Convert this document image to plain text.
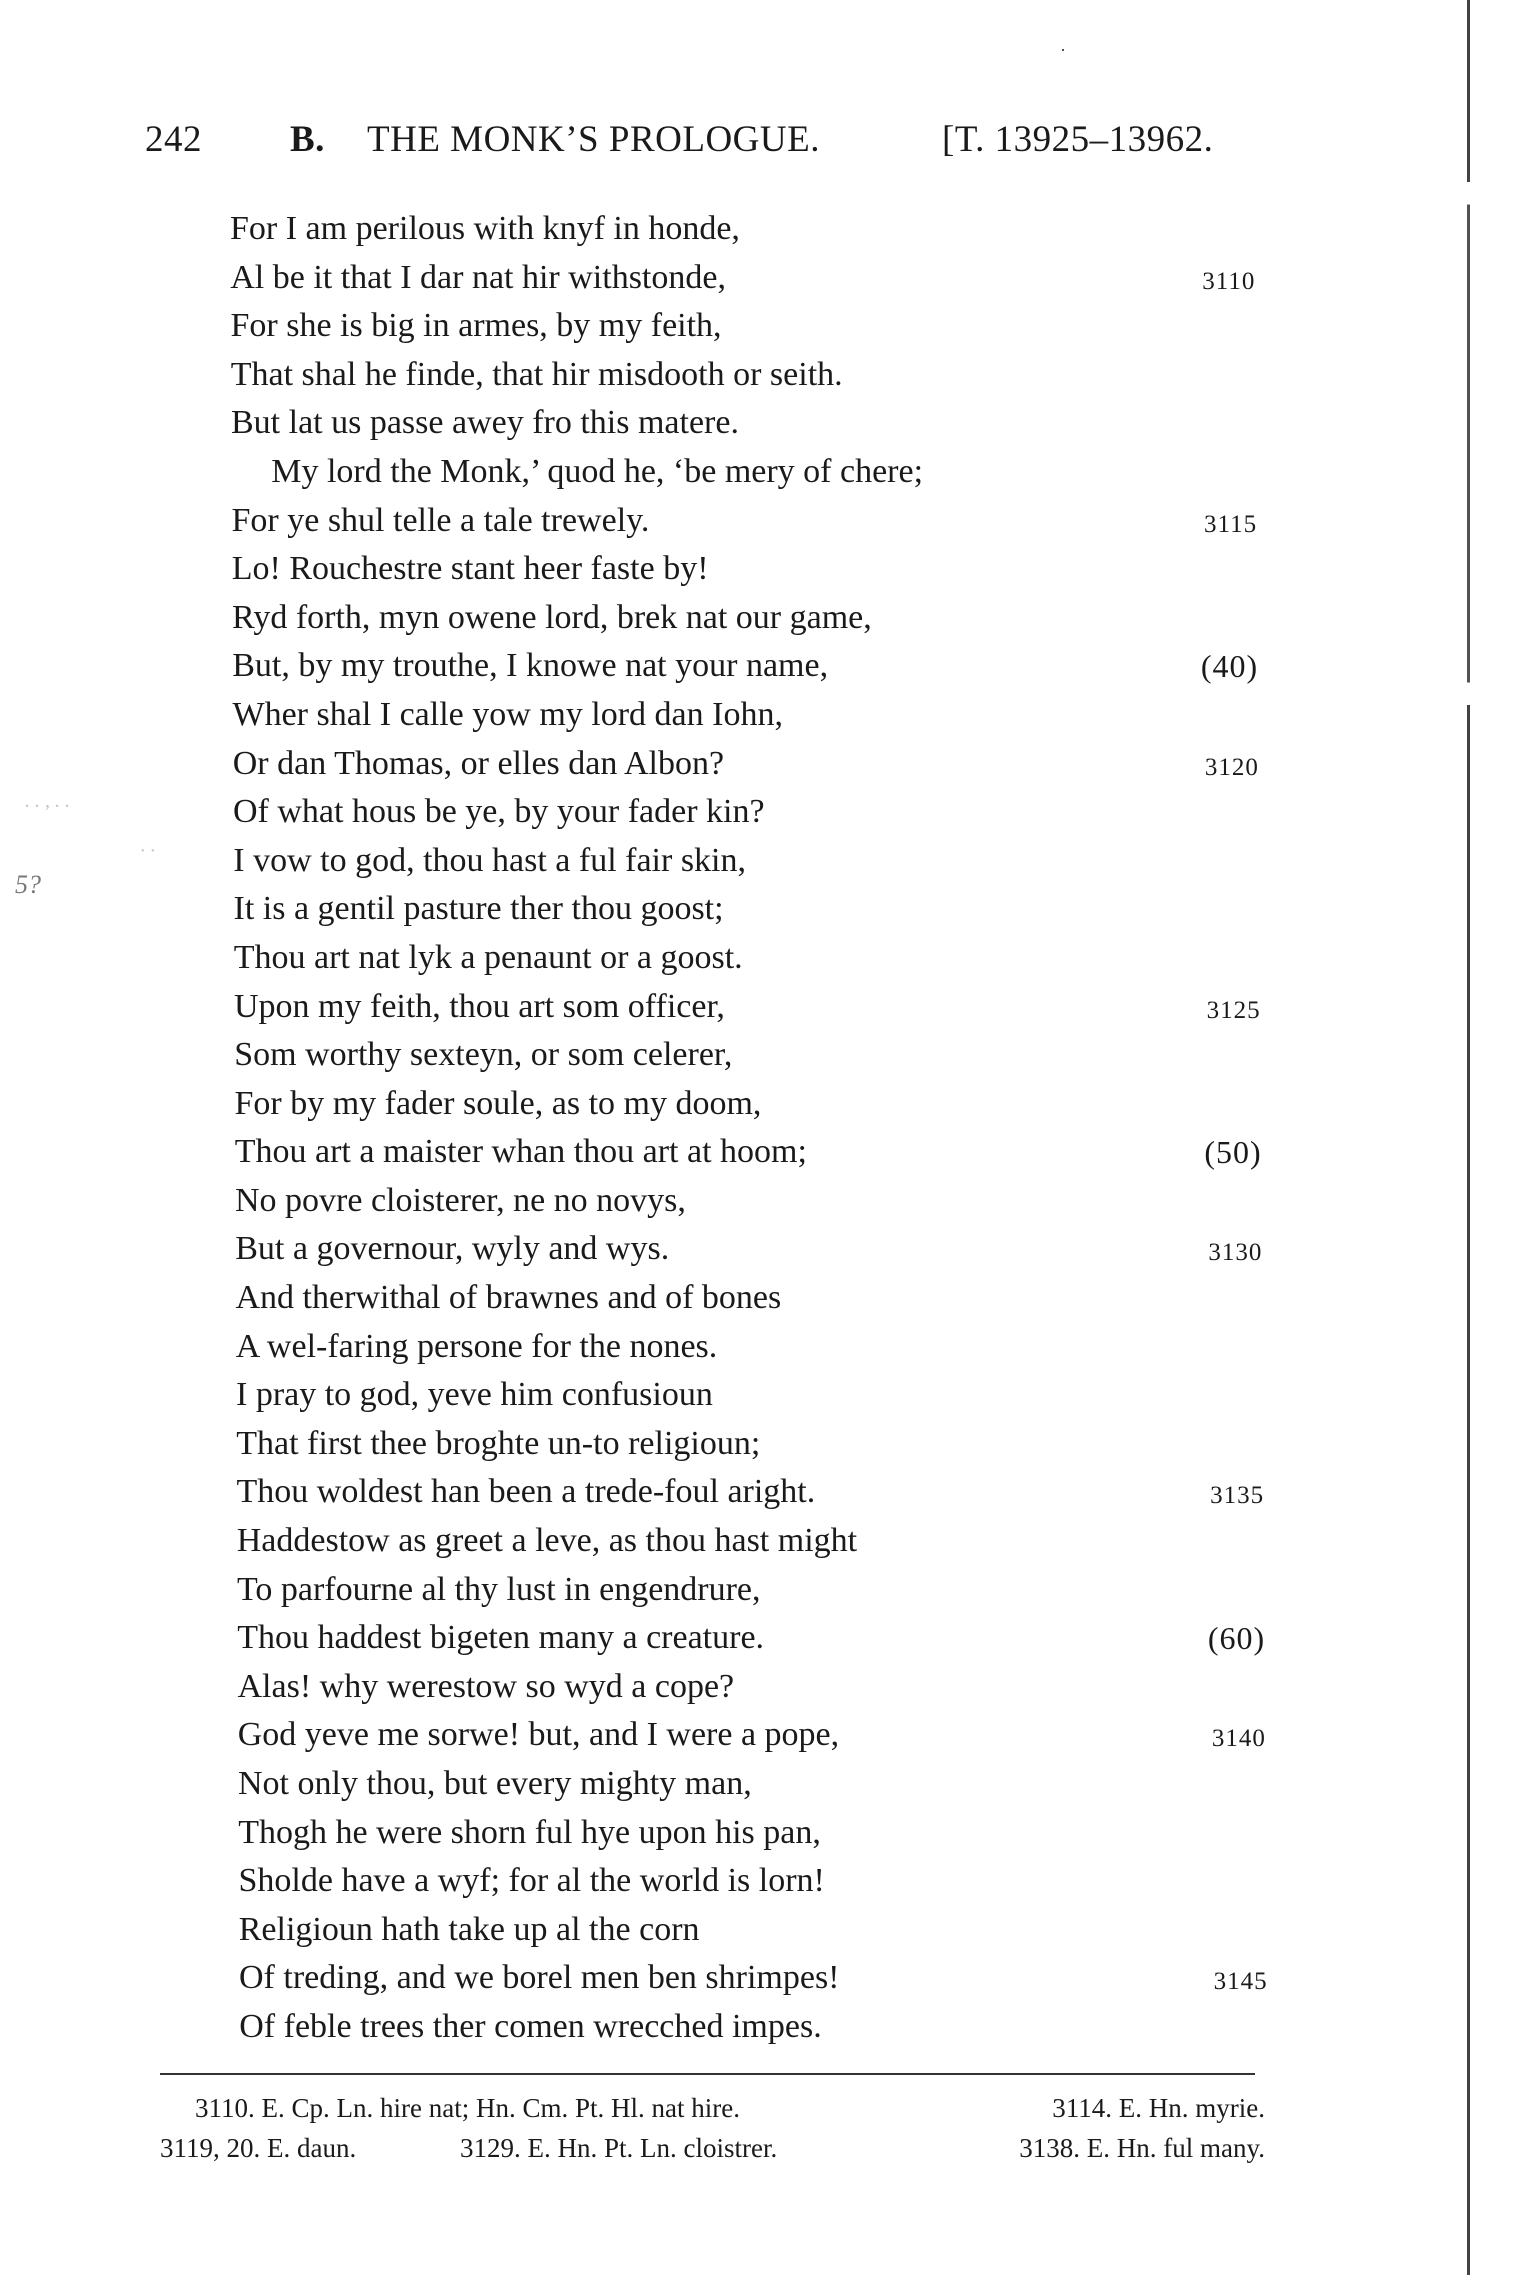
·
242 B. THE MONK’S PROLOGUE.	[T. 13925–13962.
. . , . .
5?
· ·
For I am perilous with knyf in honde,
Al be it that I dar nat hir withstonde,	3110
For she is big in armes, by my feith,
That shal he finde, that hir misdooth or seith.
But lat us passe awey fro this matere.
My lord the Monk,’ quod he, ‘be mery of chere;
For ye shul telle a tale trewely.	3115
Lo! Rouchestre stant heer faste by!
Ryd forth, myn owene lord, brek nat our game,
But, by my trouthe, I knowe nat your name,	(40)
Wher shal I calle yow my lord dan Iohn,
Or dan Thomas, or elles dan Albon?	3120
Of what hous be ye, by your fader kin?
I vow to god, thou hast a ful fair skin,
It is a gentil pasture ther thou goost;
Thou art nat lyk a penaunt or a goost.
Upon my feith, thou art som officer,	3125
Som worthy sexteyn, or som celerer,
For by my fader soule, as to my doom,
Thou art a maister whan thou art at hoom;	(50)
No povre cloisterer, ne no novys,
But a governour, wyly and wys.	3130
And therwithal of brawnes and of bones
A wel-faring persone for the nones.
I pray to god, yeve him confusioun
That first thee broghte un-to religioun;
Thou woldest han been a trede-foul aright.	3135
Haddestow as greet a leve, as thou hast might
To parfourne al thy lust in engendrure,
Thou haddest bigeten many a creature.	(60)
Alas! why werestow so wyd a cope?
God yeve me sorwe! but, and I were a pope,	3140
Not only thou, but every mighty man,
Thogh he were shorn ful hye upon his pan,
Sholde have a wyf; for al the world is lorn!
Religioun hath take up al the corn
Of treding, and we borel men ben shrimpes!	3145
Of feble trees ther comen wrecched impes.
3110. E. Cp. Ln. hire nat; Hn. Cm. Pt. Hl. nat hire.	3114. E. Hn. myrie.
3119, 20. E. daun.	3129. E. Hn. Pt. Ln. cloistrer.	3138. E. Hn. ful many.
